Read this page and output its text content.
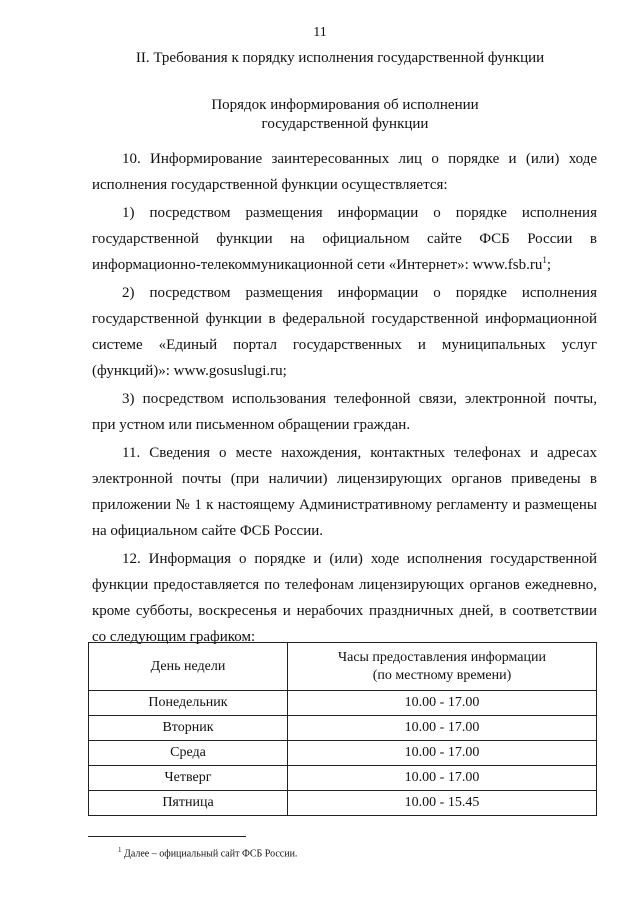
11
II. Требования к порядку исполнения государственной функции
Порядок информирования об исполнении
государственной функции

10. Информирование заинтересованных лиц о порядке и (или) ходе исполнения государственной функции осуществляется:

1) посредством размещения информации о порядке исполнения государственной функции на официальном сайте ФСБ России в информационно-телекоммуникационной сети «Интернет»: $www.fsb.ru^1$;

2) посредством размещения информации о порядке исполнения государственной функции в федеральной государственной информационной системе «Единый портал государственных и муниципальных услуг (функций)»: www.gosuslugi.ru;

3) посредством использования телефонной связи, электронной почты, при устном или письменном обращении граждан.

11. Сведения о месте нахождения, контактных телефонах и адресах электронной почты (при наличии) лицензирующих органов приведены в приложении № 1 к настоящему Административному регламенту и размещены на официальном сайте ФСБ России.

12. Информация о порядке и (или) ходе исполнения государственной функции предоставляется по телефонам лицензирующих органов ежедневно, кроме субботы, воскресенья и нерабочих праздничных дней, в соответствии со следующим графиком:

День недели	Часы предоставления информации
(по местному времени)

Понедельник	10.00 - 17.00
Вторник	10.00 - 17.00
Среда	10.00 - 17.00
Четверг	10.00 - 17.00
Пятница	10.00 - 15.45
$^1$ Далее – официальный сайт ФСБ России.
